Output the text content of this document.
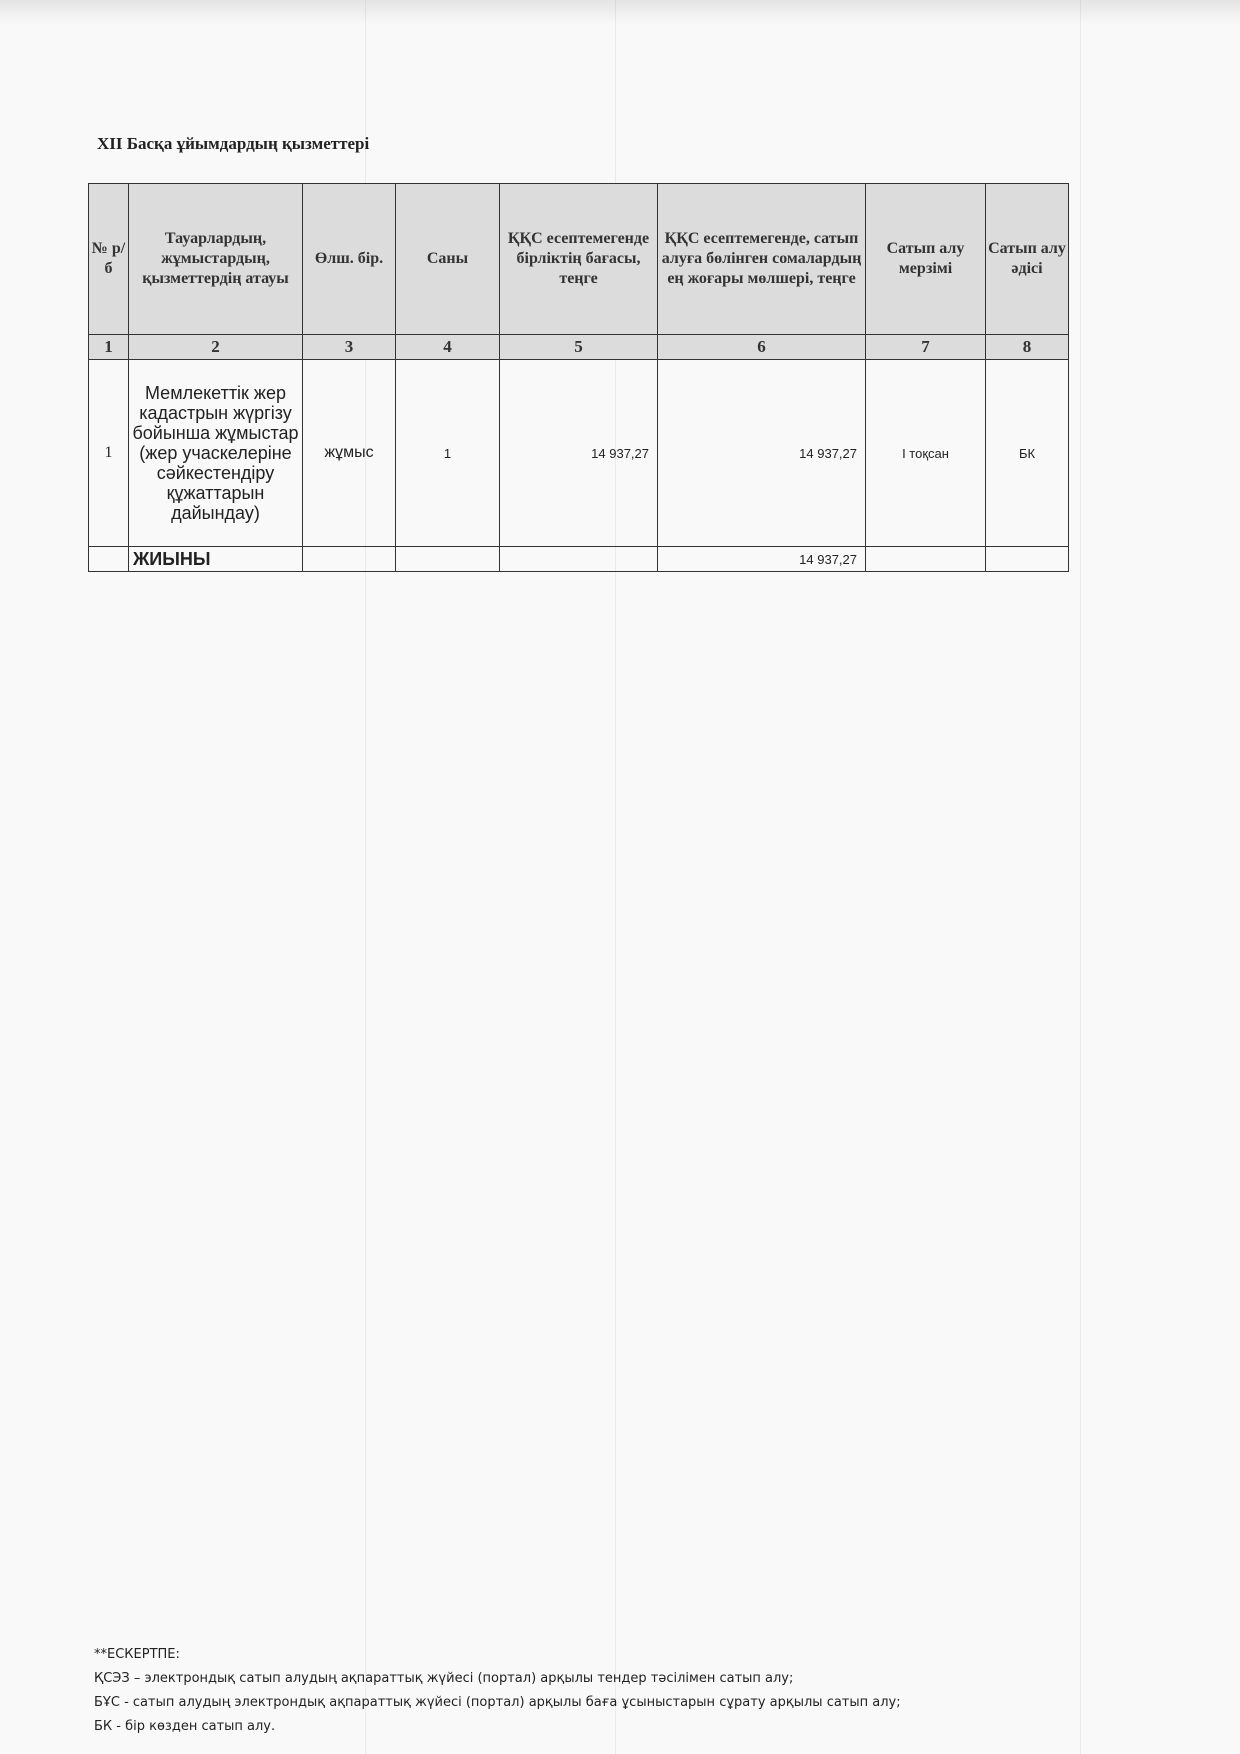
XII Басқа ұйымдардың қызметтері
№ р/б	Тауарлардың, жұмыстардың, қызметтердің атауы	Өлш. бір.	Саны	ҚҚС есептемегенде бірліктің бағасы, теңге	ҚҚС есептемегенде, сатып алуға бөлінген сомалардың ең жоғары мөлшері, теңге	Сатып алу мерзімі	Сатып алу әдісі
1	2	3	4	5	6	7	8
1	Мемлекеттік жер кадастрын жүргізу бойынша жұмыстар (жер учаскелеріне сәйкестендіру құжаттарын дайындау)	жұмыс	1	14 937,27	14 937,27	I тоқсан	БК
	ЖИЫНЫ				14 937,27		
**ЕСКЕРТПЕ:
ҚСЭЗ – электрондық сатып алудың ақпараттық жүйесі (портал) арқылы тендер тәсілімен сатып алу;
БҰС - сатып алудың электрондық ақпараттық жүйесі (портал) арқылы баға ұсыныстарын сұрату арқылы сатып алу;
БК - бір көзден сатып алу.
